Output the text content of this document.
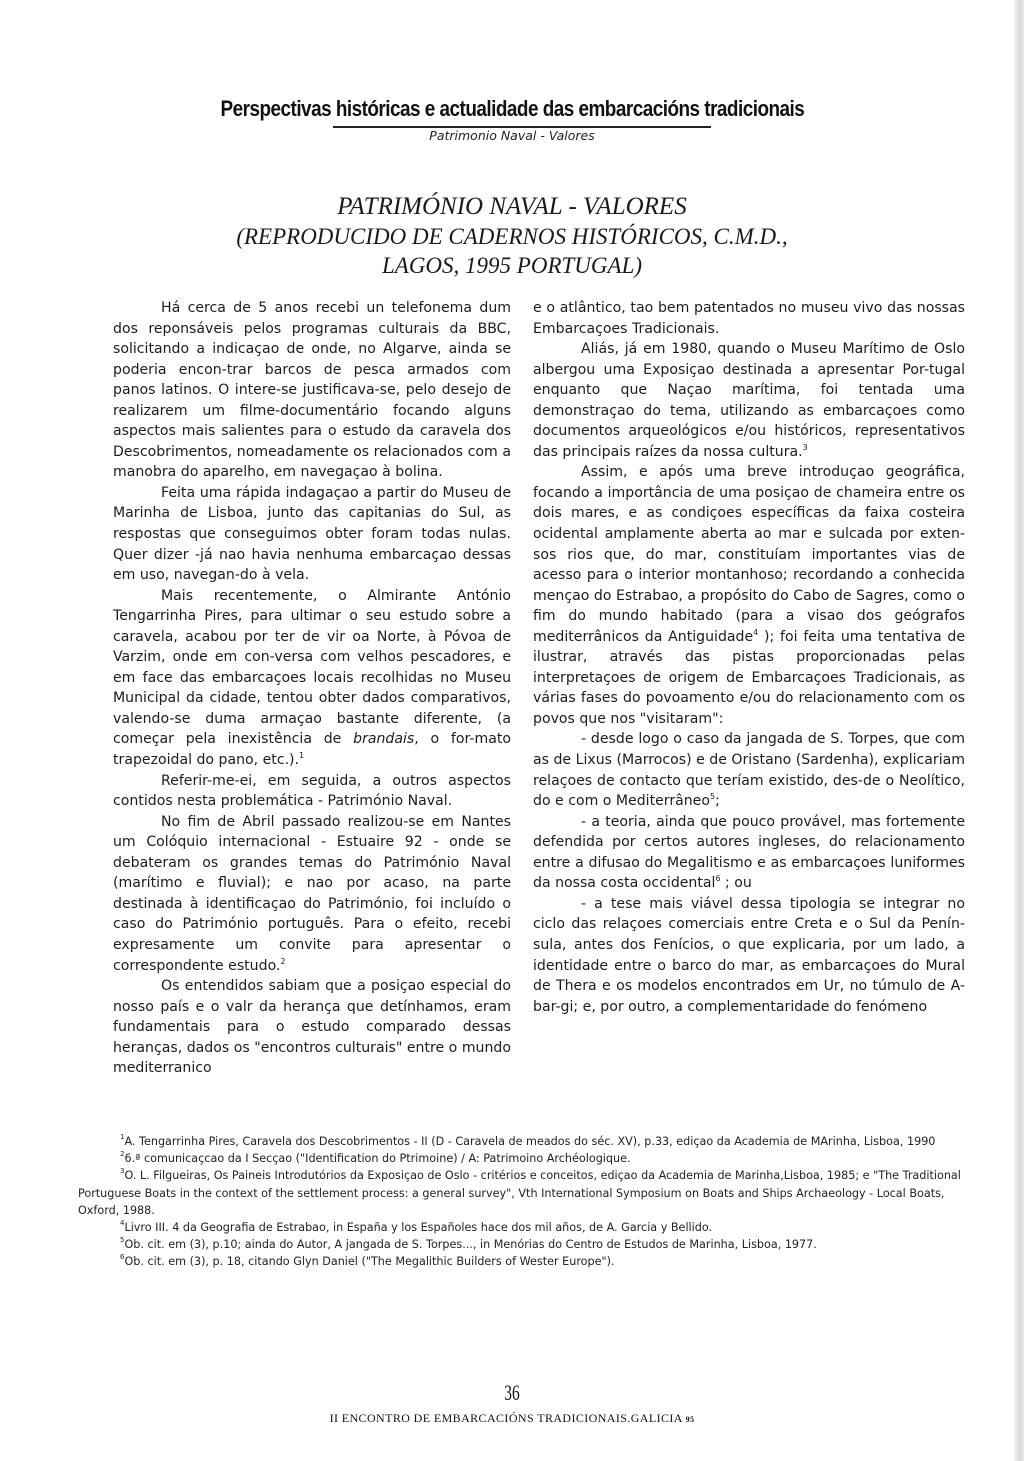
Perspectivas históricas e actualidade das embarcacións tradicionais
Patrimonio Naval - Valores
PATRIMÓNIO NAVAL - VALORES
(REPRODUCIDO DE CADERNOS HISTÓRICOS, C.M.D.,
LAGOS, 1995 PORTUGAL)

Há cerca de 5 anos recebi un telefonema dum dos reponsáveis pelos programas culturais da BBC, solicitando a indicaçao de onde, no Algarve, ainda se poderia encon-trar barcos de pesca armados com panos latinos. O intere-se justificava-se, pelo desejo de realizarem um filme-documentário focando alguns aspectos mais salientes para o estudo da caravela dos Descobrimentos, nomeadamente os relacionados com a manobra do aparelho, em navegaçao à bolina.

Feita uma rápida indagaçao a partir do Museu de Marinha de Lisboa, junto das capitanias do Sul, as respostas que conseguimos obter foram todas nulas. Quer dizer -já nao havia nenhuma embarcaçao dessas em uso, navegan-do à vela.

Mais recentemente, o Almirante António Tengarrinha Pires, para ultimar o seu estudo sobre a caravela, acabou por ter de vir oa Norte, à Póvoa de Varzim, onde em con-versa com velhos pescadores, e em face das embarcaçoes locais recolhidas no Museu Municipal da cidade, tentou obter dados comparativos, valendo-se duma armaçao bastante diferente, (a começar pela inexistência de brandais, o for-mato trapezoidal do pano, etc.).$^1$

Referir-me-ei, em seguida, a outros aspectos contidos nesta problemática - Património Naval.

No fim de Abril passado realizou-se em Nantes um Colóquio internacional - Estuaire 92 - onde se debateram os grandes temas do Património Naval (marítimo e fluvial); e nao por acaso, na parte destinada à identificaçao do Património, foi incluído o caso do Património português. Para o efeito, recebi expresamente um convite para apresentar o correspondente estudo.$^2$

Os entendidos sabiam que a posiçao especial do nosso país e o valr da herança que detínhamos, eram fundamentais para o estudo comparado dessas heranças, dados os "encontros culturais" entre o mundo mediterranico

e o atlântico, tao bem patentados no museu vivo das nossas Embarcaçoes Tradicionais.

Aliás, já em 1980, quando o Museu Marítimo de Oslo albergou uma Exposiçao destinada a apresentar Por-tugal enquanto que Naçao marítima, foi tentada uma demonstraçao do tema, utilizando as embarcaçoes como documentos arqueológicos e/ou históricos, representativos das principais raízes da nossa cultura.$^3$

Assim, e após uma breve introduçao geográfica, focando a importância de uma posiçao de chameira entre os dois mares, e as condiçoes específicas da faixa costeira ocidental amplamente aberta ao mar e sulcada por exten-sos rios que, do mar, constituíam importantes vias de acesso para o interior montanhoso; recordando a conhecida mençao do Estrabao, a propósito do Cabo de Sagres, como o fim do mundo habitado (para a visao dos geógrafos mediterrânicos da Antiguidade$^4$ ); foi feita uma tentativa de ilustrar, através das pistas proporcionadas pelas interpretaçoes de origem de Embarcaçoes Tradicionais, as várias fases do povoamento e/ou do relacionamento com os povos que nos "visitaram":

- desde logo o caso da jangada de S. Torpes, que com as de Lixus (Marrocos) e de Oristano (Sardenha), explicariam relaçoes de contacto que teríam existido, des-de o Neolítico, do e com o Mediterrâneo$^5$;

- a teoria, ainda que pouco provável, mas fortemente defendida por certos autores ingleses, do relacionamento entre a difusao do Megalitismo e as embarcaçoes luniformes da nossa costa occidental$^6$ ; ou

- a tese mais viável dessa tipologia se integrar no ciclo das relaçoes comerciais entre Creta e o Sul da Penín-sula, antes dos Fenícios, o que explicaria, por um lado, a identidade entre o barco do mar, as embarcaçoes do Mural de Thera e os modelos encontrados em Ur, no túmulo de A-bar-gi; e, por outro, a complementaridade do fenómeno

$^1$A. Tengarrinha Pires, Caravela dos Descobrimentos - II (D - Caravela de meados do séc. XV), p.33, ediçao da Academia de MArinha, Lisboa, 1990

$^2$6.ª comunicaçcao da I Secçao ("Identification do Ptrimoine) / A: Patrimoino Archéologique.

$^3$O. L. Filgueiras, Os Paineis Introdutórios da Exposiçao de Oslo - critérios e conceitos, ediçao da Academia de Marinha,Lisboa, 1985; e "The Traditional Portuguese Boats in the context of the settlement process: a general survey", Vth International Symposium on Boats and Ships Archaeology - Local Boats, Oxford, 1988.

$^4$Livro III. 4 da Geografia de Estrabao, in España y los Españoles hace dos mil años, de A. Garcia y Bellido.

$^5$Ob. cit. em (3), p.10; ainda do Autor, A jangada de S. Torpes..., in Menórias do Centro de Estudos de Marinha, Lisboa, 1977.

$^6$Ob. cit. em (3), p. 18, citando Glyn Daniel ("The Megalithic Builders of Wester Europe").

36
II ENCONTRO DE EMBARCACIÓNS TRADICIONAIS.GALICIA 95
